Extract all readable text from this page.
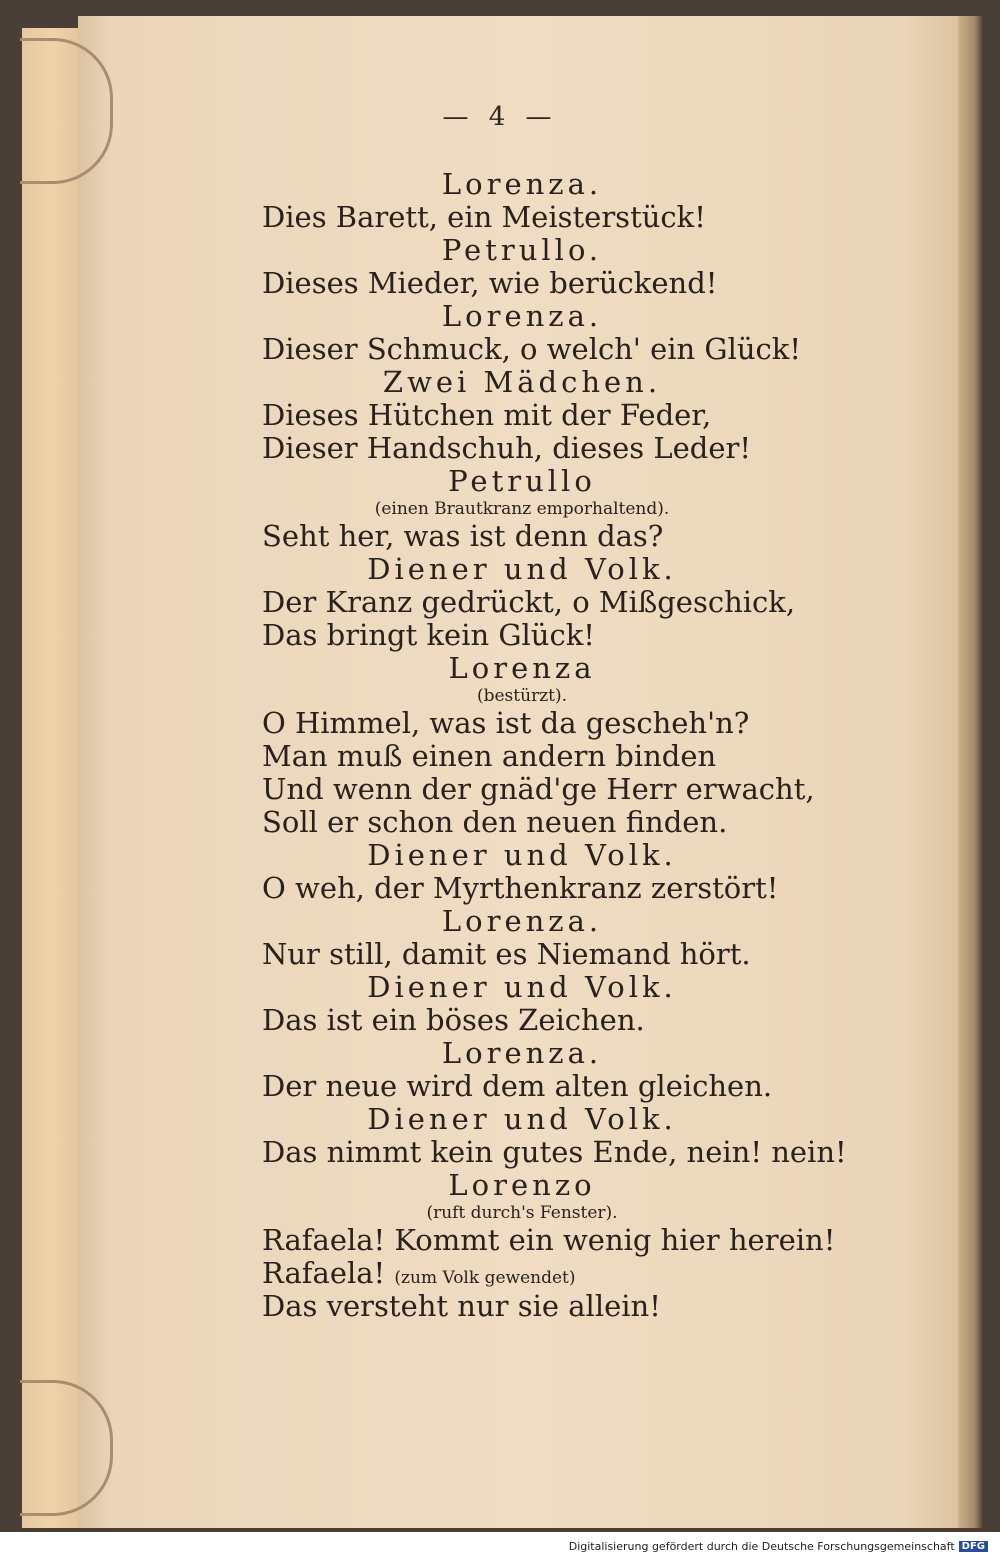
— 4 —
Lorenza.
Dies Barett, ein Meisterstück!
Petrullo.
Dieses Mieder, wie berückend!
Lorenza.
Dieser Schmuck, o welch' ein Glück!
Zwei Mädchen.
Dieses Hütchen mit der Feder,
Dieser Handschuh, dieses Leder!
Petrullo
(einen Brautkranz emporhaltend).
Seht her, was ist denn das?
Diener und Volk.
Der Kranz gedrückt, o Mißgeschick,
Das bringt kein Glück!
Lorenza
(bestürzt).
O Himmel, was ist da gescheh'n?
Man muß einen andern binden
Und wenn der gnäd'ge Herr erwacht,
Soll er schon den neuen finden.
Diener und Volk.
O weh, der Myrthenkranz zerstört!
Lorenza.
Nur still, damit es Niemand hört.
Diener und Volk.
Das ist ein böses Zeichen.
Lorenza.
Der neue wird dem alten gleichen.
Diener und Volk.
Das nimmt kein gutes Ende, nein! nein!
Lorenzo
(ruft durch's Fenster).
Rafaela! Kommt ein wenig hier herein!
Rafaela! (zum Volk gewendet)
Das versteht nur sie allein!
Digitalisierung gefördert durch die Deutsche Forschungsgemeinschaft DFG
